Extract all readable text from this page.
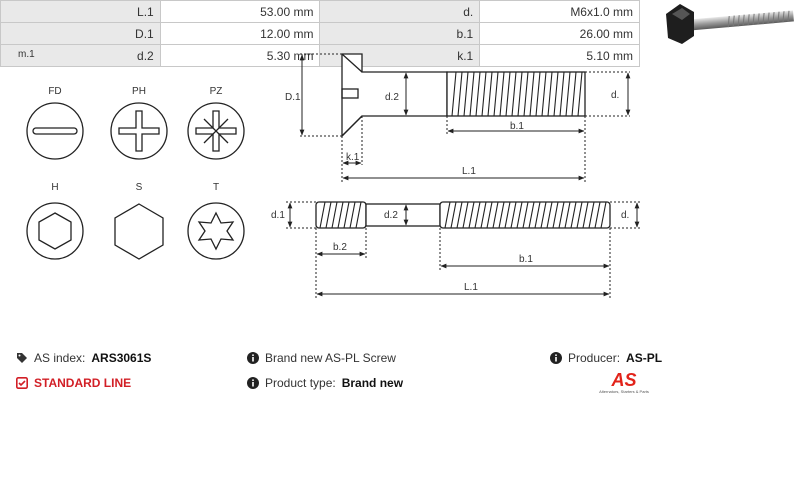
m.1
FD	PH	PZ
H	S	T
D.1	d.2	d.
b.1
k.1
L.1
d.1	d.2	d.
b.2
b.1
L.1
AS index: ARS3061S	Brand new AS-PL Screw	Producer: AS-PL
STANDARD LINE	Product type: Brand new	AS
Alternators, Starters & Parts
L.1	53.00 mm	d.	M6x1.0 mm
D.1	12.00 mm	b.1	26.00 mm
d.2	5.30 mm	k.1	5.10 mm
